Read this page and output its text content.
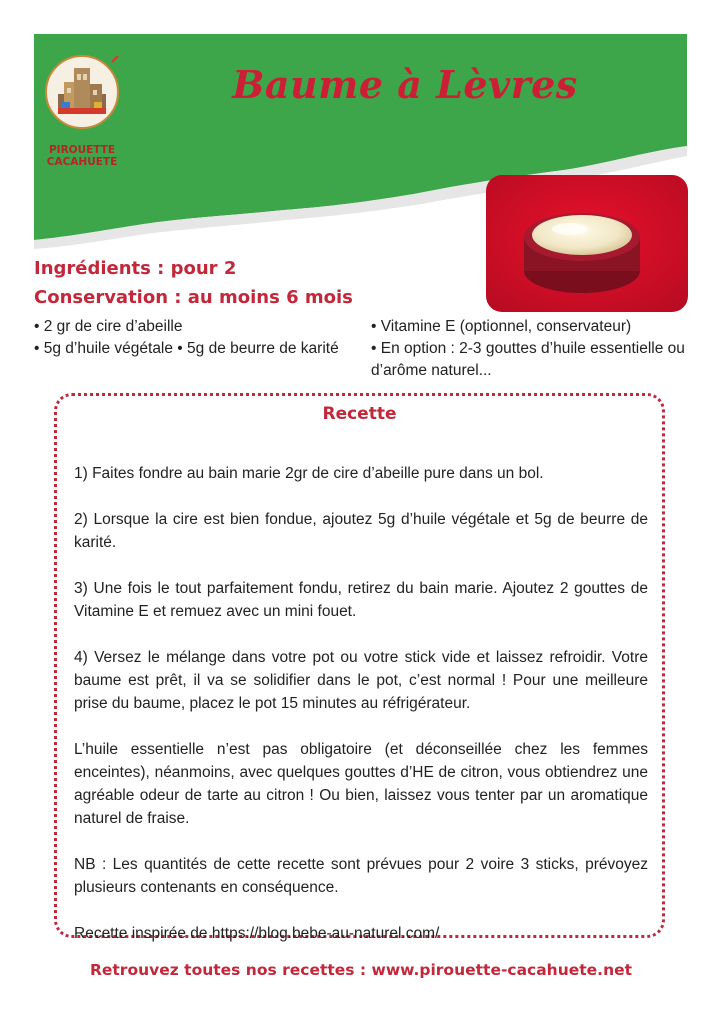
PIROUETTE CACAHUETE
Baume à Lèvres
Ingrédients : pour 2
Conservation : au moins 6 mois
• 2 gr de cire d’abeille
• 5g d’huile végétale • 5g de beurre de karité
• Vitamine E (optionnel, conservateur)
• En option : 2-3 gouttes d’huile essentielle ou d’arôme naturel...
Recette

1) Faites fondre au bain marie 2gr de cire d’abeille pure dans un bol.

2) Lorsque la cire est bien fondue, ajoutez 5g d’huile végétale et 5g de beurre de karité.

3) Une fois le tout parfaitement fondu, retirez du bain marie. Ajoutez 2 gouttes de Vitamine E et remuez avec un mini fouet.

4) Versez le mélange dans votre pot ou votre stick vide et laissez refroidir. Votre baume est prêt, il va se solidifier dans le pot, c’est normal ! Pour une meilleure prise du baume, placez le pot 15 minutes au réfrigérateur.

L’huile essentielle n’est pas obligatoire (et déconseillée chez les femmes enceintes), néanmoins, avec quelques gouttes d’HE de citron, vous obtiendrez une agréable odeur de tarte au citron ! Ou bien, laissez vous tenter par un aromatique naturel de fraise.

NB : Les quantités de cette recette sont prévues pour 2 voire 3 sticks, prévoyez plusieurs contenants en conséquence.

Recette inspirée de https://blog.bebe-au-naturel.com/

Retrouvez toutes nos recettes : www.pirouette-cacahuete.net
